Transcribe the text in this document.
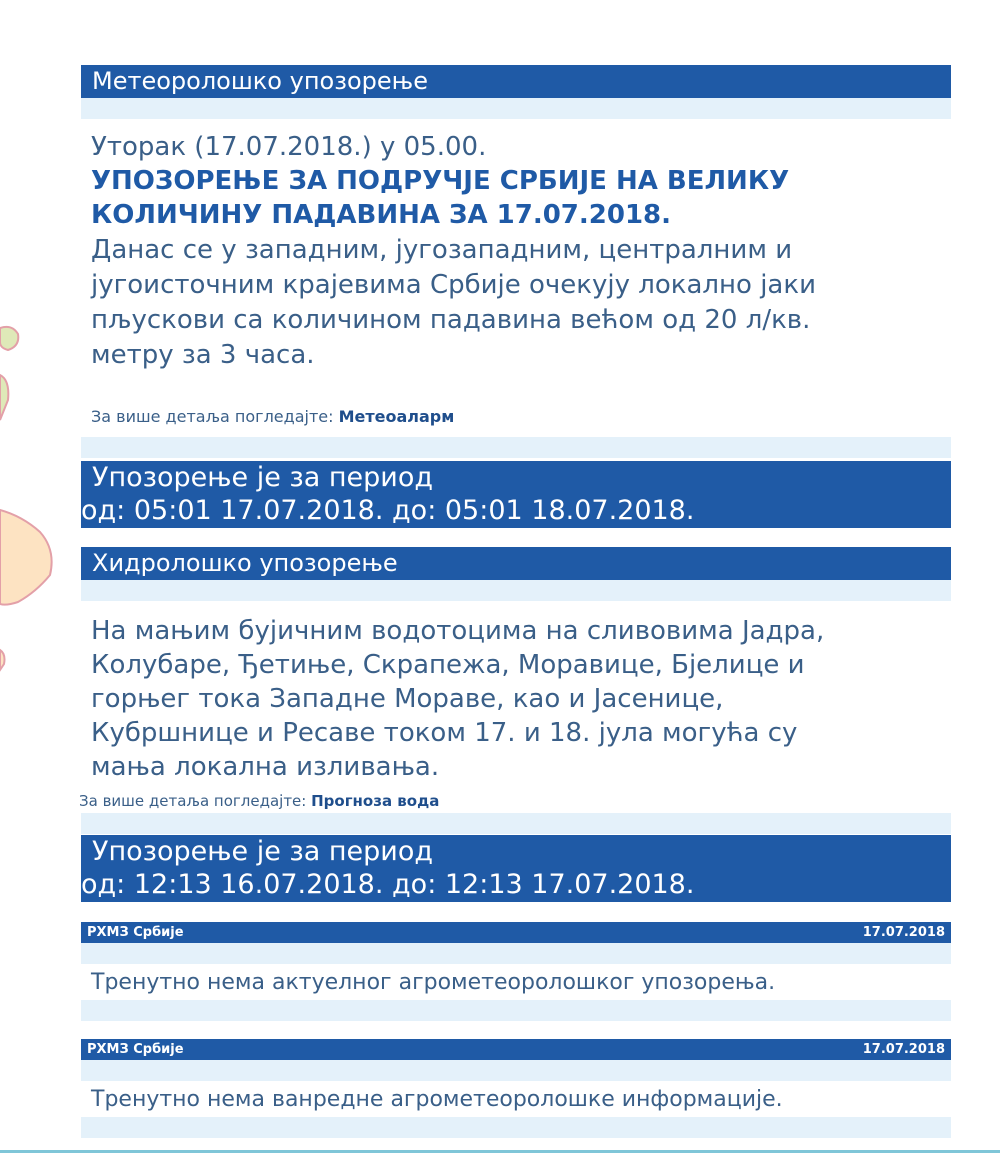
Метеоролошко упозорење
Уторак (17.07.2018.) у 05.00.
УПОЗОРЕЊЕ ЗА ПОДРУЧЈЕ СРБИЈЕ НА ВЕЛИКУ
КОЛИЧИНУ ПАДАВИНА ЗА 17.07.2018.
Данас се у западним, југозападним, централним и
југоисточним крајевима Србије очекују локално јаки
пљускови са количином падавина већом од 20 л/кв.
метру за 3 часа.
За више детаља погледајте: Метеоаларм
Упозорење је за период
од: 05:01 17.07.2018. до: 05:01 18.07.2018.
Хидролошко упозорење
На мањим бујичним водотоцима на сливовима Јадра,
Колубаре, Ђетиње, Скрапежа, Моравице, Бјелице и
горњег тока Западне Мораве, као и Јасенице,
Кубршнице и Ресаве током 17. и 18. јула могућа су
мања локална изливања.
За више детаља погледајте: Прогноза вода
Упозорење је за период
од: 12:13 16.07.2018. до: 12:13 17.07.2018.
РХМЗ Србије	17.07.2018
Тренутно нема актуелног агрометеоролошког упозорења.
РХМЗ Србије	17.07.2018
Тренутно нема ванредне агрометеоролошке информације.
